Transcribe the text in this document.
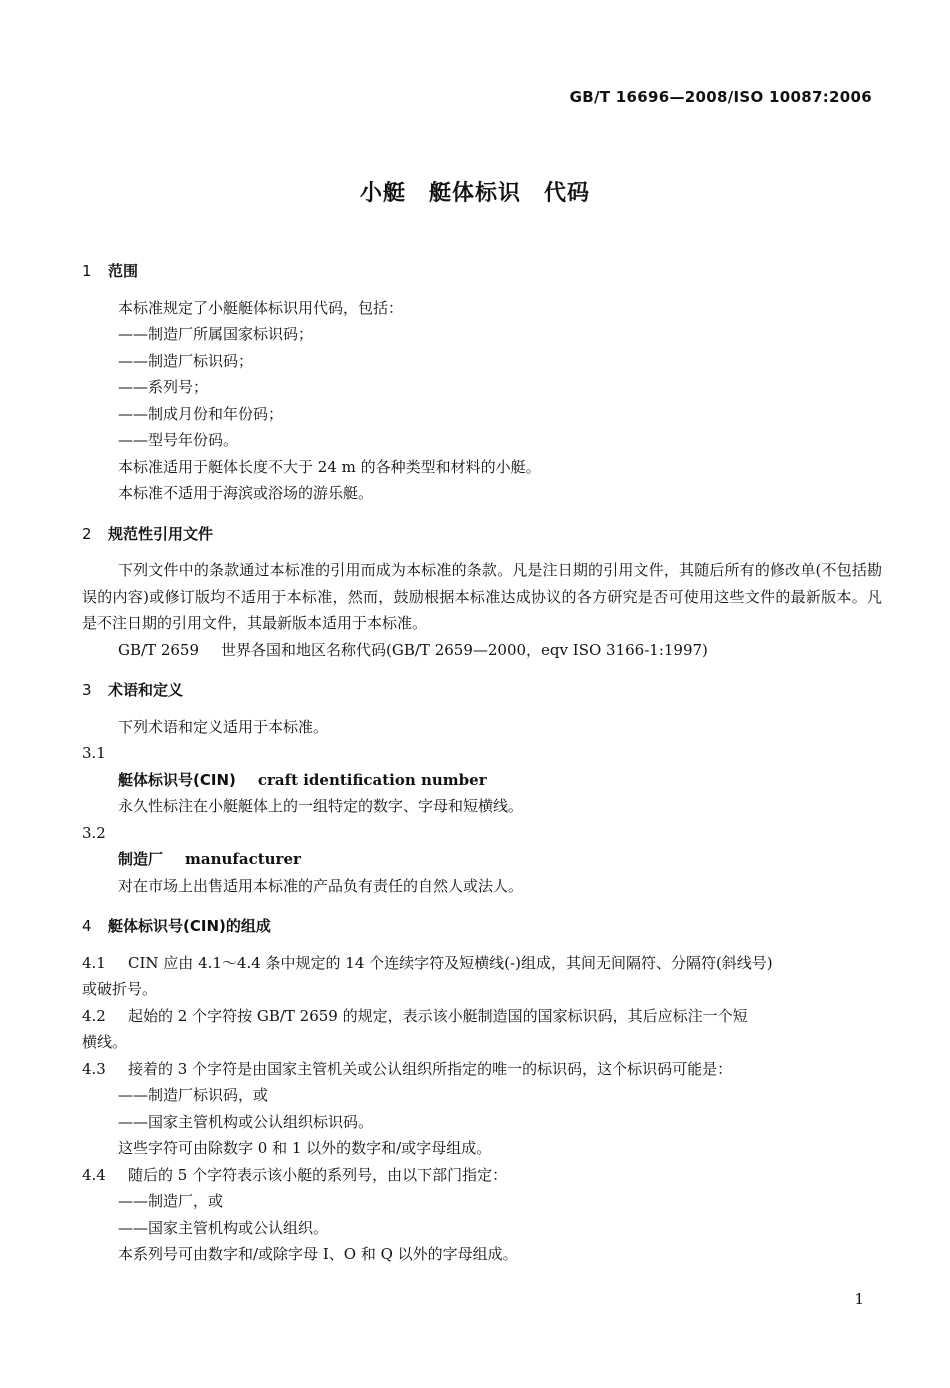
GB/T 16696—2008/ISO 10087:2006
小艇　艇体标识　代码
1 范围
本标准规定了小艇艇体标识用代码，包括：
——制造厂所属国家标识码；
——制造厂标识码；
——系列号；
——制成月份和年份码；
——型号年份码。
本标准适用于艇体长度不大于 24 m 的各种类型和材料的小艇。
本标准不适用于海滨或浴场的游乐艇。
2 规范性引用文件
下列文件中的条款通过本标准的引用而成为本标准的条款。凡是注日期的引用文件，其随后所有的修改单(不包括勘误的内容)或修订版均不适用于本标准，然而，鼓励根据本标准达成协议的各方研究是否可使用这些文件的最新版本。凡是不注日期的引用文件，其最新版本适用于本标准。
GB/T 2659 世界各国和地区名称代码(GB/T 2659—2000，eqv ISO 3166-1:1997)
3 术语和定义
下列术语和定义适用于本标准。
3.1
艇体标识号(CIN) craft identification number
永久性标注在小艇艇体上的一组特定的数字、字母和短横线。
3.2
制造厂 manufacturer
对在市场上出售适用本标准的产品负有责任的自然人或法人。
4 艇体标识号(CIN)的组成
4.1 CIN 应由 4.1～4.4 条中规定的 14 个连续字符及短横线(-)组成，其间无间隔符、分隔符(斜线号)
或破折号。
4.2 起始的 2 个字符按 GB/T 2659 的规定，表示该小艇制造国的国家标识码，其后应标注一个短
横线。
4.3 接着的 3 个字符是由国家主管机关或公认组织所指定的唯一的标识码，这个标识码可能是：
——制造厂标识码，或
——国家主管机构或公认组织标识码。
这些字符可由除数字 0 和 1 以外的数字和/或字母组成。
4.4 随后的 5 个字符表示该小艇的系列号，由以下部门指定：
——制造厂，或
——国家主管机构或公认组织。
本系列号可由数字和/或除字母 I、O 和 Q 以外的字母组成。
1
